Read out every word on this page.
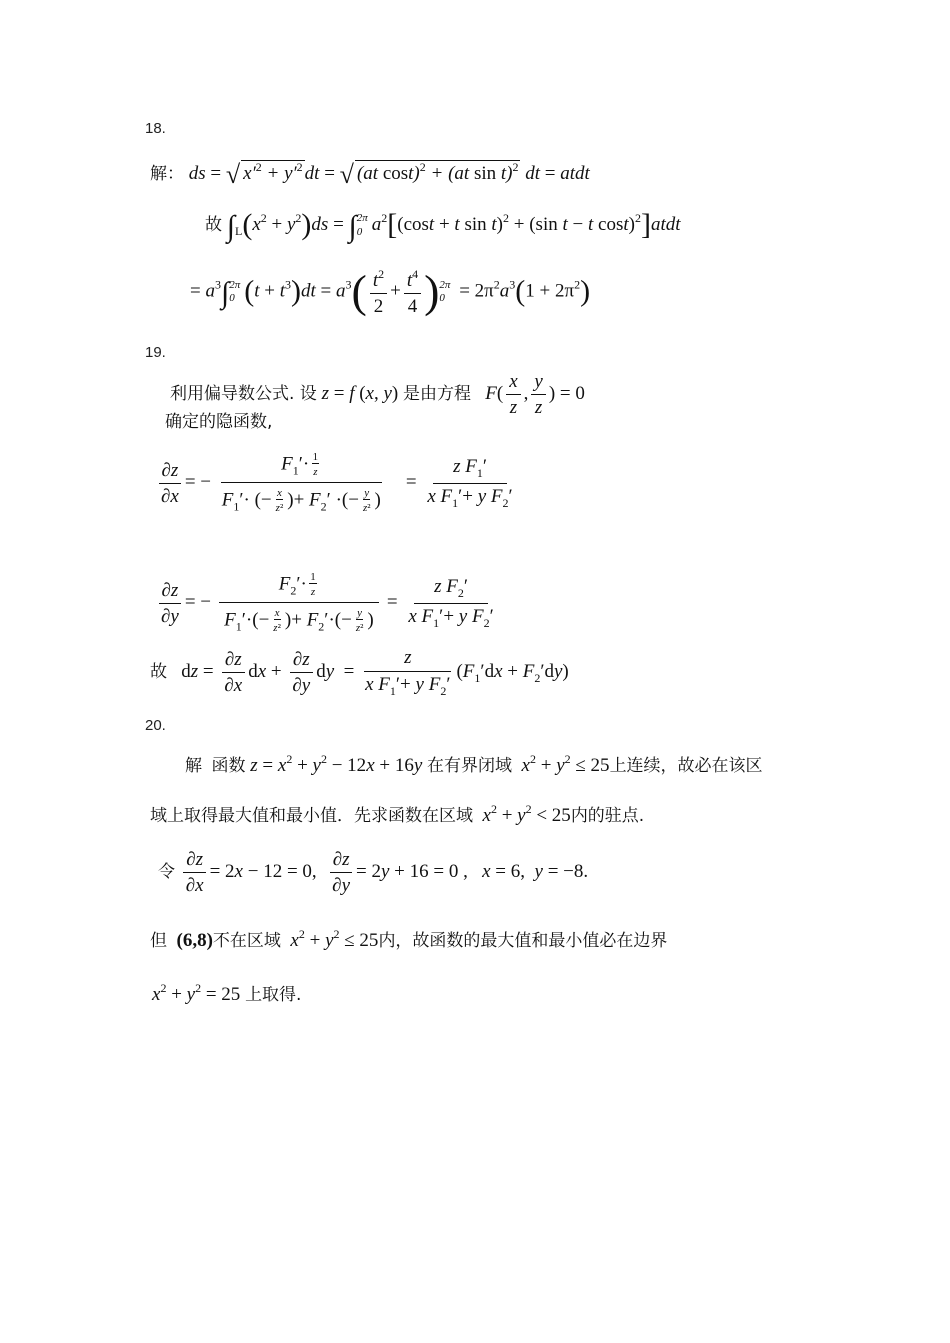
18.
解： ds = √ $x'^2 + y'^2$ dt = √ (at cost)$^2$ + (at sin t)$^2$ dt = atdt
故 $\int_L(x^2 + y^2)ds$ = ∫ 2π
0 $a^2[(\cos t + t$ sin t)$^2$ + (sin t − t cost)$^2$]atdt
= $a^3\int$ 2π
0 $(t + t^3)dt = a^3( \frac{t^2}{2} + \frac{t^4}{4}$ ) 2π
$0 = 2\pi^2a^3(1 + 2\pi^2)$
19.
利用偏导数公式. 设 z = f (x, y) 是由方程 $F( \frac{x}{z}$ , $\frac{y}{z}$ ) = 0
确定的隐函数,
$\frac{\partial z}{\partial x}$ = − $\frac{F_1'\cdot \frac{1}{z}}{F_1'\cdot (- \frac{x}{\text{z²}} )+ F_2' \cdot(- \frac{y}{\text{z²}} )} = \frac{z F_1'}{x F_1'+ y F_2'}$
$\frac{\partial z}{\partial y}$ = − $\frac{F_2'\cdot \frac{1}{z}}{F_1'\cdot(- \frac{x}{\text{z²}} )+ F_2'\cdot(- \frac{y}{\text{z²}} )} = \frac{z F_2'}{x F_1'+ y F_2'}$
故   dz = $\frac{\partial z}{\partial x}$ dx + $\frac{\partial z}{\partial y}$ dy  = $\frac{z}{x F_1'+ y F_2'} (F_1'dx + F_2'dy)$
20.
解 函数 $z = x^2 + y^2 - 12x + 16y$ 在有界闭域 $x^2 + y^2 \le 25$上连续，故必在该区
域上取得最大值和最小值．先求函数在区域 $x^2 + y^2 < 25$内的驻点.
令 $\frac{\partial z}{\partial x} = 2x - 12 = 0$, $\frac{\partial z}{\partial y} = 2y + 16 = 0$ ,   x = 6,  y = −8.
但 (6,8)不在区域 $x^2 + y^2 \le 25$内，故函数的最大值和最小值必在边界
$x^2 + y^2 = 25$ 上取得.
